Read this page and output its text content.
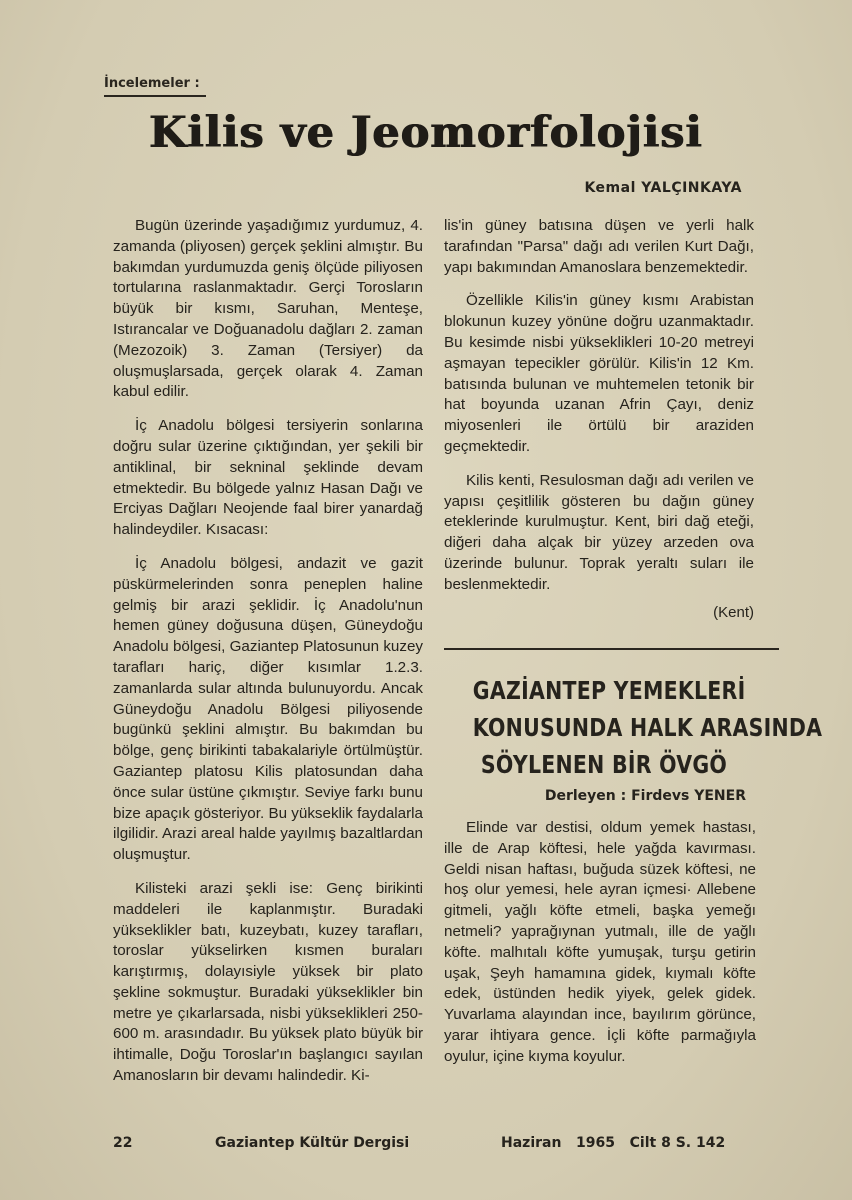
İncelemeler :
Kilis ve Jeomorfolojisi
Kemal YALÇINKAYA

Bugün üzerinde yaşadığımız yurdumuz, 4. zamanda (pliyosen) gerçek şeklini almıştır. Bu bakımdan yurdumuzda geniş ölçüde piliyosen tortularına raslanmaktadır. Gerçi Torosların büyük bir kısmı, Saruhan, Menteşe, Istırancalar ve Doğuanadolu dağları 2. zaman (Mezozoik) 3. Zaman (Tersiyer) da oluşmuşlarsada, gerçek olarak 4. Zaman kabul edilir.

İç Anadolu bölgesi tersiyerin sonlarına doğru sular üzerine çıktığından, yer şekili bir antiklinal, bir sekninal şeklinde devam etmektedir. Bu bölgede yalnız Hasan Dağı ve Erciyas Dağları Neojende faal birer yanardağ halindeydiler. Kısacası:

İç Anadolu bölgesi, andazit ve gazit püskürmelerinden sonra peneplen haline gelmiş bir arazi şeklidir. İç Anadolu'nun hemen güney doğusuna düşen, Güneydoğu Anadolu bölgesi, Gaziantep Platosunun kuzey tarafları hariç, diğer kısımlar 1.2.3. zamanlarda sular altında bulunuyordu. Ancak Güneydoğu Anadolu Bölgesi piliyosende bugünkü şeklini almıştır. Bu bakımdan bu bölge, genç birikinti tabakalariyle örtülmüştür. Gaziantep platosu Kilis platosundan daha önce sular üstüne çıkmıştır. Seviye farkı bunu bize apaçık gösteriyor. Bu yükseklik faydalarla ilgilidir. Arazi areal halde yayılmış bazaltlardan oluşmuştur.

Kilisteki arazi şekli ise: Genç birikinti maddeleri ile kaplanmıştır. Buradaki yükseklikler batı, kuzeybatı, kuzey tarafları, toroslar yükselirken kısmen buraları karıştırmış, dolayısiyle yüksek bir plato şekline sokmuştur. Buradaki yükseklikler bin metre ye çıkarlarsada, nisbi yükseklikleri 250-600 m. arasındadır. Bu yüksek plato büyük bir ihtimalle, Doğu Toroslar'ın başlangıcı sayılan Amanosların bir devamı halindedir. Ki-

lis'in güney batısına düşen ve yerli halk tarafından "Parsa" dağı adı verilen Kurt Dağı, yapı bakımından Amanoslara benzemektedir.

Özellikle Kilis'in güney kısmı Arabistan blokunun kuzey yönüne doğru uzanmaktadır. Bu kesimde nisbi yükseklikleri 10-20 metreyi aşmayan tepecikler görülür. Kilis'in 12 Km. batısında bulunan ve muhtemelen tetonik bir hat boyunda uzanan Afrin Çayı, deniz miyosenleri ile örtülü bir araziden geçmektedir.

Kilis kenti, Resulosman dağı adı verilen ve yapısı çeşitlilik gösteren bu dağın güney eteklerinde kurulmuştur. Kent, biri dağ eteği, diğeri daha alçak bir yüzey arzeden ova üzerinde bulunur. Toprak yeraltı suları ile beslenmektedir.

(Kent)
GAZİANTEP YEMEKLERİ
KONUSUNDA HALK ARASINDA
SÖYLENEN BİR ÖVGÖ
Derleyen : Firdevs YENER

Elinde var destisi, oldum yemek hastası, ille de Arap köftesi, hele yağda kavırması. Geldi nisan haftası, buğuda süzek köftesi, ne hoş olur yemesi, hele ayran içmesi· Allebene gitmeli, yağlı köfte etmeli, başka yemeğı netmeli? yaprağıynan yutmalı, ille de yağlı köfte. malhıtalı köfte yumuşak, turşu getirin uşak, Şeyh hamamına gidek, kıymalı köfte edek, üstünden hedik yiyek, gelek gidek. Yuvarlama alayından ince, bayılırım görünce, yarar ihtiyara gence. İçli köfte parmağıyla oyulur, içine kıyma koyulur.

22	Gaziantep Kültür Dergisi	Haziran   1965   Cilt 8 S. 142
